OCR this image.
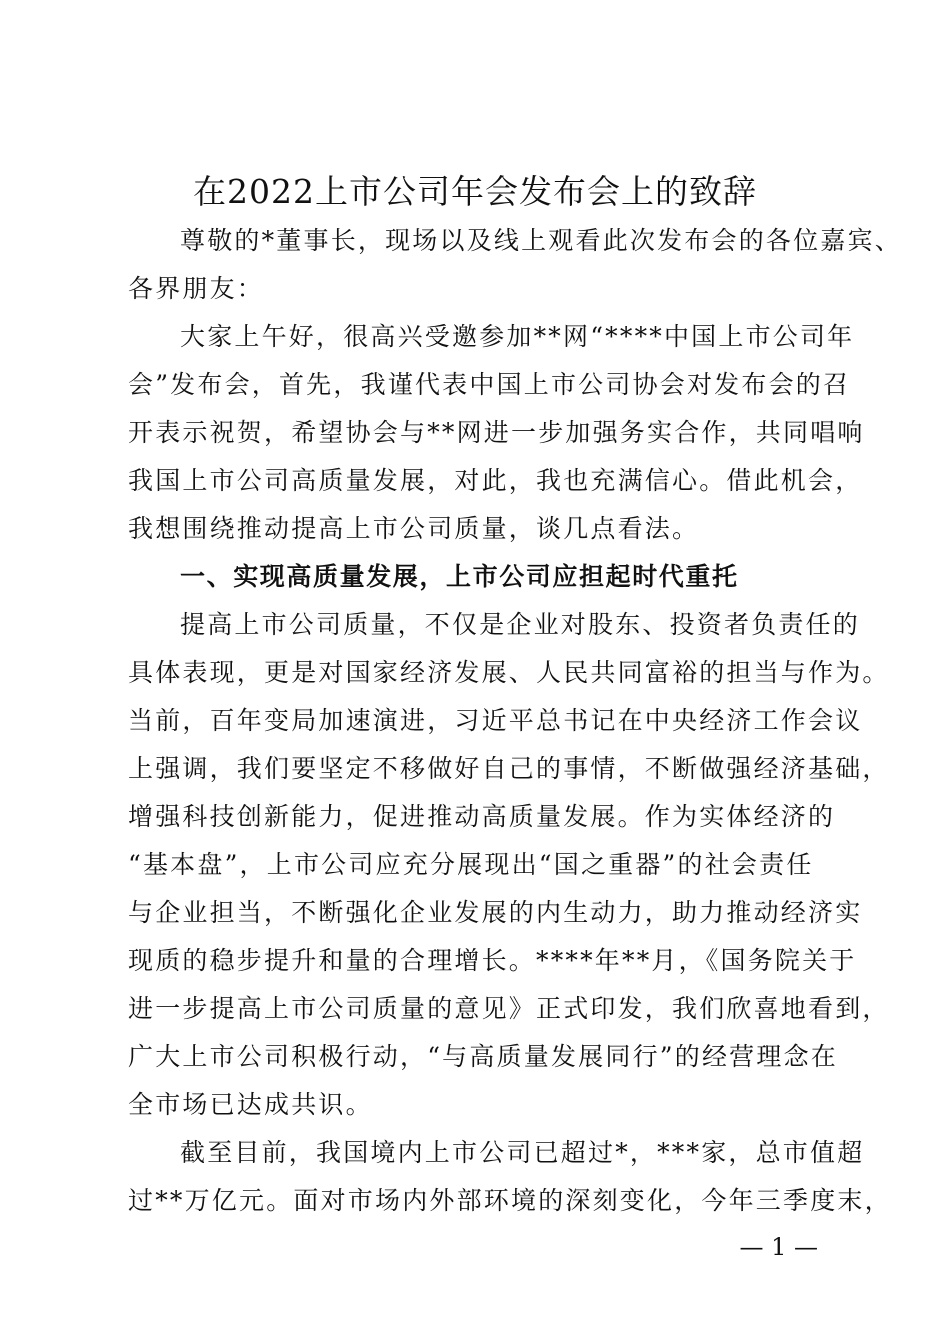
在2022上市公司年会发布会上的致辞
尊敬的*董事长，现场以及线上观看此次发布会的各位嘉宾、
各界朋友：
大家上午好，很高兴受邀参加**网“****中国上市公司年
会”发布会，首先，我谨代表中国上市公司协会对发布会的召
开表示祝贺，希望协会与**网进一步加强务实合作，共同唱响
我国上市公司高质量发展，对此，我也充满信心。借此机会，
我想围绕推动提高上市公司质量，谈几点看法。
一、实现高质量发展，上市公司应担起时代重托
提高上市公司质量，不仅是企业对股东、投资者负责任的
具体表现，更是对国家经济发展、人民共同富裕的担当与作为。
当前，百年变局加速演进，习近平总书记在中央经济工作会议
上强调，我们要坚定不移做好自己的事情，不断做强经济基础，
增强科技创新能力，促进推动高质量发展。作为实体经济的
“基本盘”，上市公司应充分展现出“国之重器”的社会责任
与企业担当，不断强化企业发展的内生动力，助力推动经济实
现质的稳步提升和量的合理增长。****年**月，《国务院关于
进一步提高上市公司质量的意见》正式印发，我们欣喜地看到，
广大上市公司积极行动，“与高质量发展同行”的经营理念在
全市场已达成共识。
截至目前，我国境内上市公司已超过*，***家，总市值超
过**万亿元。面对市场内外部环境的深刻变化，今年三季度末，
— 1 —
